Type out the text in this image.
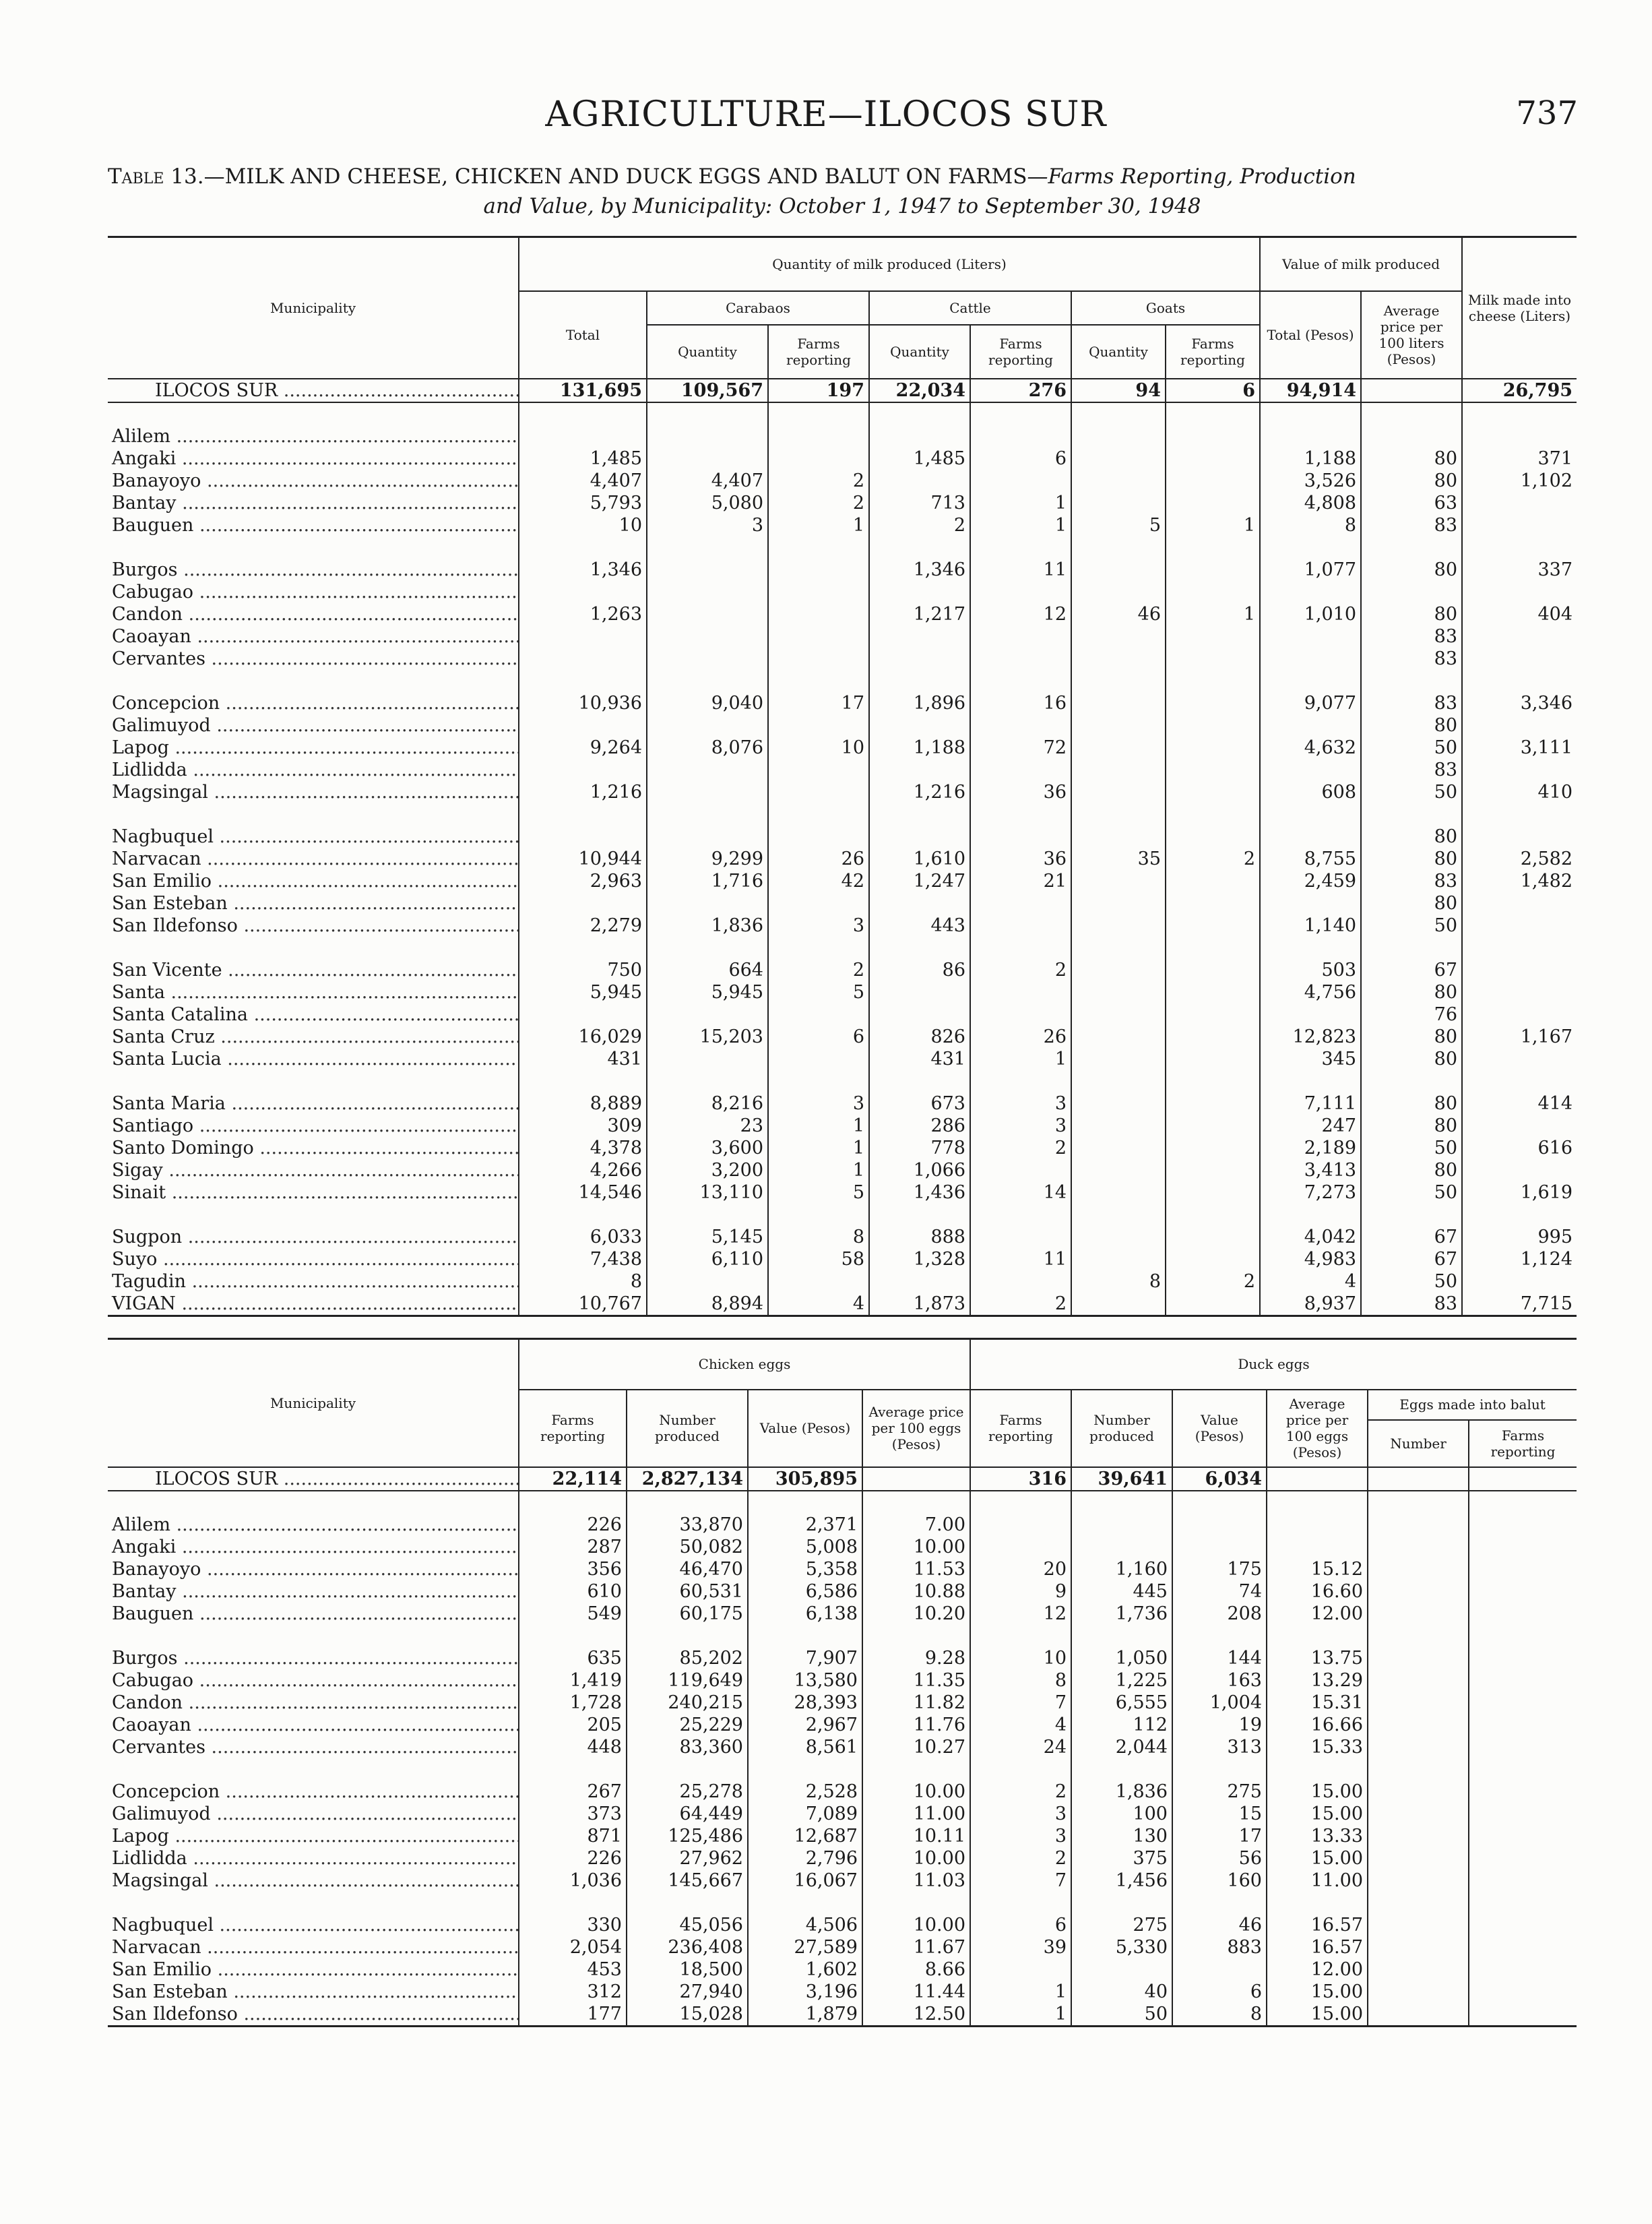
AGRICULTURE—ILOCOS SUR	737
Table 13.—MILK AND CHEESE, CHICKEN AND DUCK EGGS AND BALUT ON FARMS—Farms Reporting, Production
and Value, by Municipality: October 1, 1947 to September 30, 1948
Municipality	Quantity of milk produced (Liters)							Value of milk produced		Milk made into cheese (Liters)
	Total	Carabaos		Cattle		Goats		Total (Pesos)	Average price per 100 liters (Pesos)	
		Quantity	Farms reporting	Quantity	Farms reporting	Quantity	Farms reporting			
ILOCOS SUR .....	131,695	109,567	197	22,034	276	94	6	94,914		26,795

Alilem .....										
Angaki .....	1,485			1,485	6			1,188	80	371
Banayoyo .....	4,407	4,407	2					3,526	80	1,102
Bantay .....	5,793	5,080	2	713	1			4,808	63	
Bauguen .....	10	3	1	2	1	5	1	8	83	

Burgos .....	1,346			1,346	11			1,077	80	337
Cabugao .....										
Candon .....	1,263			1,217	12	46	1	1,010	80	404
Caoayan .....									83	
Cervantes .....									83	

Concepcion .....	10,936	9,040	17	1,896	16			9,077	83	3,346
Galimuyod .....									80	
Lapog .....	9,264	8,076	10	1,188	72			4,632	50	3,111
Lidlidda .....									83	
Magsingal .....	1,216			1,216	36			608	50	410

Nagbuquel .....									80	
Narvacan .....	10,944	9,299	26	1,610	36	35	2	8,755	80	2,582
San Emilio .....	2,963	1,716	42	1,247	21			2,459	83	1,482
San Esteban .....									80	
San Ildefonso .....	2,279	1,836	3	443				1,140	50	

San Vicente .....	750	664	2	86	2			503	67	
Santa .....	5,945	5,945	5					4,756	80	
Santa Catalina .....									76	
Santa Cruz .....	16,029	15,203	6	826	26			12,823	80	1,167
Santa Lucia .....	431			431	1			345	80	

Santa Maria .....	8,889	8,216	3	673	3			7,111	80	414
Santiago .....	309	23	1	286	3			247	80	
Santo Domingo .....	4,378	3,600	1	778	2			2,189	50	616
Sigay .....	4,266	3,200	1	1,066				3,413	80	
Sinait .....	14,546	13,110	5	1,436	14			7,273	50	1,619

Sugpon .....	6,033	5,145	8	888				4,042	67	995
Suyo .....	7,438	6,110	58	1,328	11			4,983	67	1,124
Tagudin .....	8					8	2	4	50	
VIGAN .....	10,767	8,894	4	1,873	2			8,937	83	7,715
Municipality	Chicken eggs				Duck eggs					
	Farms reporting	Number produced	Value (Pesos)	Average price per 100 eggs (Pesos)	Farms reporting	Number produced	Value (Pesos)	Average price per 100 eggs (Pesos)	Eggs made into balut	
									Number	Farms reporting
ILOCOS SUR .....	22,114	2,827,134	305,895		316	39,641	6,034			

Alilem .....	226	33,870	2,371	7.00						
Angaki .....	287	50,082	5,008	10.00						
Banayoyo .....	356	46,470	5,358	11.53	20	1,160	175	15.12		
Bantay .....	610	60,531	6,586	10.88	9	445	74	16.60		
Bauguen .....	549	60,175	6,138	10.20	12	1,736	208	12.00		

Burgos .....	635	85,202	7,907	9.28	10	1,050	144	13.75		
Cabugao .....	1,419	119,649	13,580	11.35	8	1,225	163	13.29		
Candon .....	1,728	240,215	28,393	11.82	7	6,555	1,004	15.31		
Caoayan .....	205	25,229	2,967	11.76	4	112	19	16.66		
Cervantes .....	448	83,360	8,561	10.27	24	2,044	313	15.33		

Concepcion .....	267	25,278	2,528	10.00	2	1,836	275	15.00		
Galimuyod .....	373	64,449	7,089	11.00	3	100	15	15.00		
Lapog .....	871	125,486	12,687	10.11	3	130	17	13.33		
Lidlidda .....	226	27,962	2,796	10.00	2	375	56	15.00		
Magsingal .....	1,036	145,667	16,067	11.03	7	1,456	160	11.00		

Nagbuquel .....	330	45,056	4,506	10.00	6	275	46	16.57		
Narvacan .....	2,054	236,408	27,589	11.67	39	5,330	883	16.57		
San Emilio .....	453	18,500	1,602	8.66				12.00		
San Esteban .....	312	27,940	3,196	11.44	1	40	6	15.00		
San Ildefonso .....	177	15,028	1,879	12.50	1	50	8	15.00		
